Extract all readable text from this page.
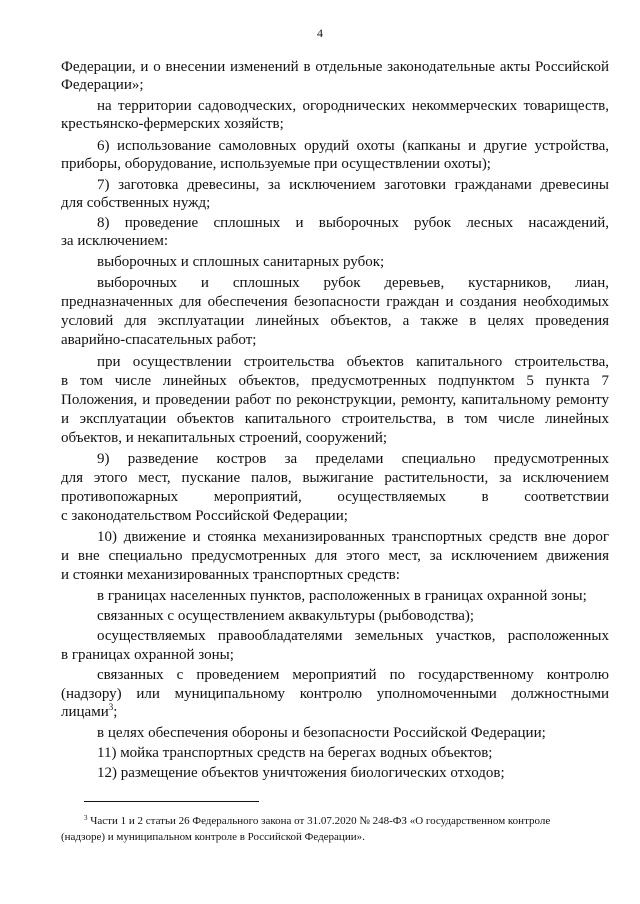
4
Федерации, и о внесении изменений в отдельные законодательные акты Российской
Федерации»;
на территории садоводческих, огороднических некоммерческих товариществ,
крестьянско-фермерских хозяйств;
6) использование самоловных орудий охоты (капканы и другие устройства,
приборы, оборудование, используемые при осуществлении охоты);
7) заготовка древесины, за исключением заготовки гражданами древесины
для собственных нужд;
8) проведение сплошных и выборочных рубок лесных насаждений,
за исключением:
выборочных и сплошных санитарных рубок;
выборочных и сплошных рубок деревьев, кустарников, лиан,
предназначенных для обеспечения безопасности граждан и создания необходимых
условий для эксплуатации линейных объектов, а также в целях проведения
аварийно-спасательных работ;
при осуществлении строительства объектов капитального строительства,
в том числе линейных объектов, предусмотренных подпунктом 5 пункта 7
Положения, и проведении работ по реконструкции, ремонту, капитальному ремонту
и эксплуатации объектов капитального строительства, в том числе линейных
объектов, и некапитальных строений, сооружений;
9) разведение костров за пределами специально предусмотренных
для этого мест, пускание палов, выжигание растительности, за исключением
противопожарных мероприятий, осуществляемых в соответствии
с законодательством Российской Федерации;
10) движение и стоянка механизированных транспортных средств вне дорог
и вне специально предусмотренных для этого мест, за исключением движения
и стоянки механизированных транспортных средств:
в границах населенных пунктов, расположенных в границах охранной зоны;
связанных с осуществлением аквакультуры (рыбоводства);
осуществляемых правообладателями земельных участков, расположенных
в границах охранной зоны;
связанных с проведением мероприятий по государственному контролю
(надзору) или муниципальному контролю уполномоченными должностными
лицами$^3$;
в целях обеспечения обороны и безопасности Российской Федерации;
11) мойка транспортных средств на берегах водных объектов;
12) размещение объектов уничтожения биологических отходов;
$^3$ Части 1 и 2 статьи 26 Федерального закона от 31.07.2020 № 248-ФЗ «О государственном контроле
(надзоре) и муниципальном контроле в Российской Федерации».
